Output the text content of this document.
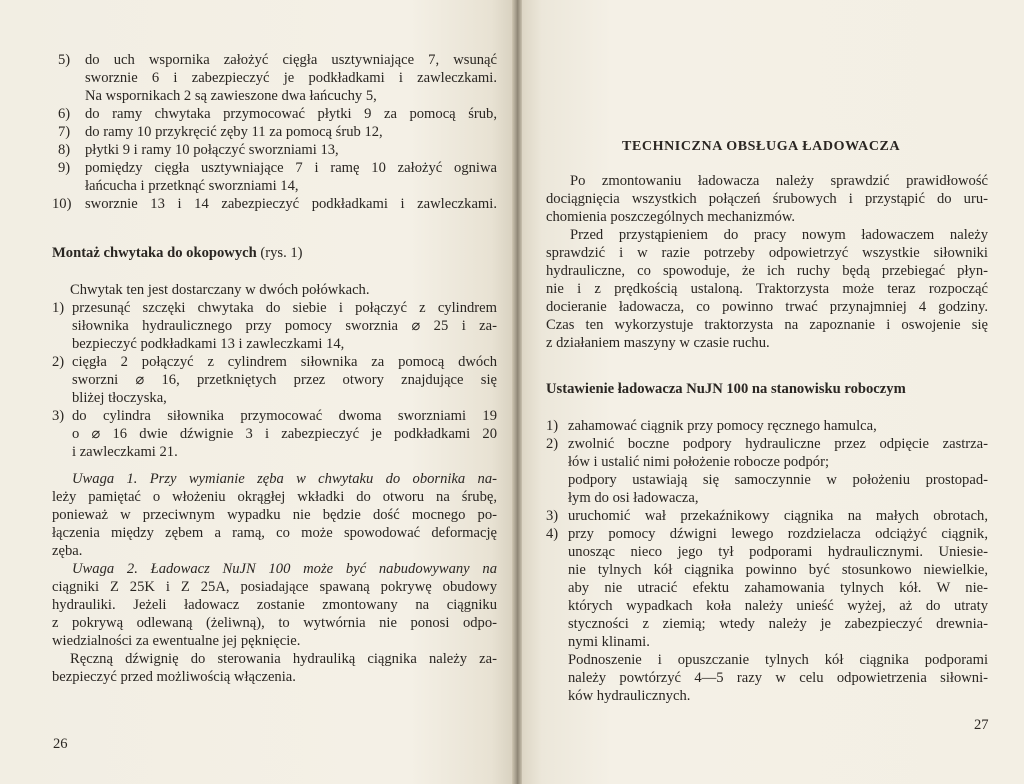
5) do uch wspornika założyć cięgła usztywniające 7, wsunąć
sworznie 6 i zabezpieczyć je podkładkami i zawleczkami.
Na wspornikach 2 są zawieszone dwa łańcuchy 5,
6) do ramy chwytaka przymocować płytki 9 za pomocą śrub,
7) do ramy 10 przykręcić zęby 11 za pomocą śrub 12,
8) płytki 9 i ramy 10 połączyć sworzniami 13,
9) pomiędzy cięgła usztywniające 7 i ramę 10 założyć ogniwa
łańcucha i przetknąć sworzniami 14,
10) sworznie 13 i 14 zabezpieczyć podkładkami i zawleczkami.
Montaż chwytaka do okopowych (rys. 1)
Chwytak ten jest dostarczany w dwóch połówkach.
1) przesunąć szczęki chwytaka do siebie i połączyć z cylindrem
siłownika hydraulicznego przy pomocy sworznia ⌀ 25 i za-
bezpieczyć podkładkami 13 i zawleczkami 14,
2) cięgła 2 połączyć z cylindrem siłownika za pomocą dwóch
sworzni ⌀ 16, przetkniętych przez otwory znajdujące się
bliżej tłoczyska,
3) do cylindra siłownika przymocować dwoma sworzniami 19
o ⌀ 16 dwie dźwignie 3 i zabezpieczyć je podkładkami 20
i zawleczkami 21.
Uwaga 1. Przy wymianie zęba w chwytaku do obornika na-
leży pamiętać o włożeniu okrągłej wkładki do otworu na śrubę,
ponieważ w przeciwnym wypadku nie będzie dość mocnego po-
łączenia między zębem a ramą, co może spowodować deformację
zęba.
Uwaga 2. Ładowacz NuJN 100 może być nabudowywany na
ciągniki Z 25K i Z 25A, posiadające spawaną pokrywę obudowy
hydrauliki. Jeżeli ładowacz zostanie zmontowany na ciągniku
z pokrywą odlewaną (żeliwną), to wytwórnia nie ponosi odpo-
wiedzialności za ewentualne jej pęknięcie.
Ręczną dźwignię do sterowania hydrauliką ciągnika należy za-
bezpieczyć przed możliwością włączenia.
26
TECHNICZNA OBSŁUGA ŁADOWACZA
Po zmontowaniu ładowacza należy sprawdzić prawidłowość
dociągnięcia wszystkich połączeń śrubowych i przystąpić do uru-
chomienia poszczególnych mechanizmów.
Przed przystąpieniem do pracy nowym ładowaczem należy
sprawdzić i w razie potrzeby odpowietrzyć wszystkie siłowniki
hydrauliczne, co spowoduje, że ich ruchy będą przebiegać płyn-
nie i z prędkością ustaloną. Traktorzysta może teraz rozpocząć
docieranie ładowacza, co powinno trwać przynajmniej 4 godziny.
Czas ten wykorzystuje traktorzysta na zapoznanie i oswojenie się
z działaniem maszyny w czasie ruchu.
Ustawienie ładowacza NuJN 100 na stanowisku roboczym
1) zahamować ciągnik przy pomocy ręcznego hamulca,
2) zwolnić boczne podpory hydrauliczne przez odpięcie zastrza-
łów i ustalić nimi położenie robocze podpór;
podpory ustawiają się samoczynnie w położeniu prostopad-
łym do osi ładowacza,
3) uruchomić wał przekaźnikowy ciągnika na małych obrotach,
4) przy pomocy dźwigni lewego rozdzielacza odciążyć ciągnik,
unosząc nieco jego tył podporami hydraulicznymi. Uniesie-
nie tylnych kół ciągnika powinno być stosunkowo niewielkie,
aby nie utracić efektu zahamowania tylnych kół. W nie-
których wypadkach koła należy unieść wyżej, aż do utraty
styczności z ziemią; wtedy należy je zabezpieczyć drewnia-
nymi klinami.
Podnoszenie i opuszczanie tylnych kół ciągnika podporami
należy powtórzyć 4—5 razy w celu odpowietrzenia siłowni-
ków hydraulicznych.
27
